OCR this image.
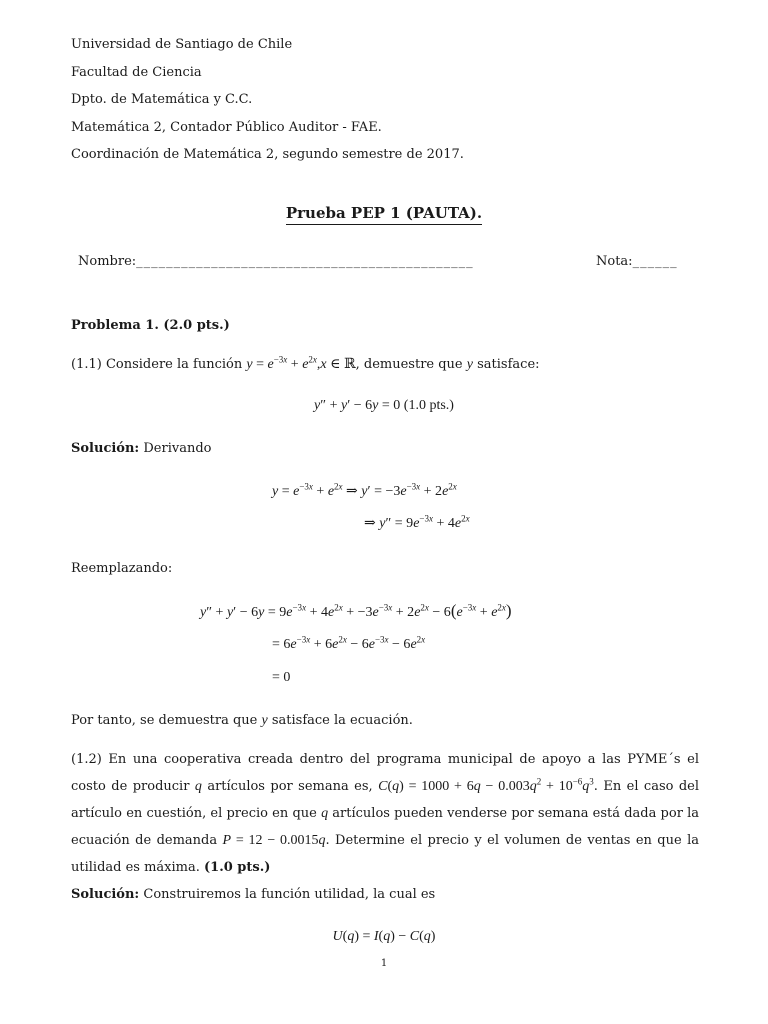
Universidad de Santiago de Chile
Facultad de Ciencia
Dpto. de Matemática y C.C.
Matemática 2, Contador Público Auditor - FAE.
Coordinación de Matemática 2, segundo semestre de 2017.
Prueba PEP 1 (PAUTA).
Nombre:_____________________________________________	Nota:______
Problema 1. (2.0 pts.)
(1.1) Considere la función $y = e^{-3x} + e^{2x},x$ ∈ ℝ, demuestre que y satisface:
y″ + y′ − 6y = 0 (1.0 pts.)
Solución: Derivando
$y = e^{-3x} + e^{2x}$ ⇒ $y' = -3e^{-3x} + 2e^{2x}$
⇒ $y'' = 9e^{-3x} + 4e^{2x}$
Reemplazando:
$y'' + y' - 6y = 9e^{-3x} + 4e^{2x} + -3e^{-3x} + 2e^{2x} - 6(e^{-3x} + e^{2x})$
= $6e^{-3x} + 6e^{2x} - 6e^{-3x} - 6e^{2x}$
= 0
Por tanto, se demuestra que y satisface la ecuación.
(1.2) En una cooperativa creada dentro del programa municipal de apoyo a las PYME´s el costo de producir q artículos por semana es, $C(q) = 1000 + 6q - 0.003q^2 + 10^{-6}q^3$. En el caso del artículo en cuestión, el precio en que q artículos pueden venderse por semana está dada por la ecuación de demanda P = 12 − 0.0015q. Determine el precio y el volumen de ventas en que la utilidad es máxima. (1.0 pts.)
Solución: Construiremos la función utilidad, la cual es
U(q) = I(q) − C(q)
1
